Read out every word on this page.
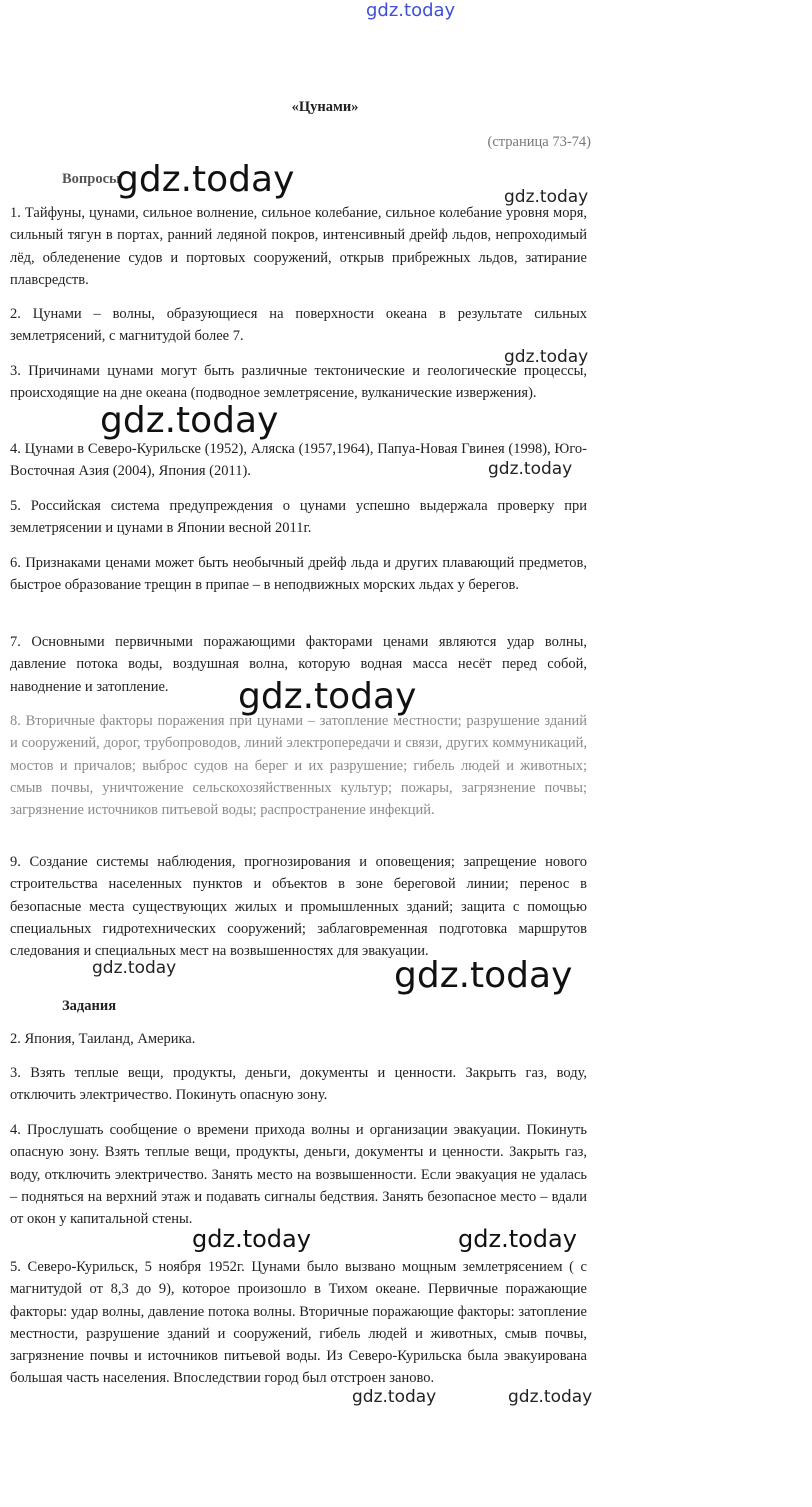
gdz.today
«Цунами»
(страница 73-74)
Вопросы

1. Тайфуны, цунами, сильное волнение, сильное колебание, сильное колебание уровня моря, сильный тягун в портах, ранний ледяной покров, интенсивный дрейф льдов, непроходимый лёд, обледенение судов и портовых сооружений, открыв прибрежных льдов, затирание плавсредств.

2. Цунами – волны, образующиеся на поверхности океана в результате сильных землетрясений, с магнитудой более 7.

3. Причинами цунами могут быть различные тектонические и геологические процессы, происходящие на дне океана (подводное землетрясение, вулканические извержения).

4. Цунами в Северо-Курильске (1952), Аляска (1957,1964), Папуа-Новая Гвинея (1998), Юго-Восточная Азия (2004), Япония (2011).

5. Российская система предупреждения о цунами успешно выдержала проверку при землетрясении и цунами в Японии весной 2011г.

6. Признаками ценами может быть необычный дрейф льда и других плавающий предметов, быстрое образование трещин в припае – в неподвижных морских льдах у берегов.

7. Основными первичными поражающими факторами ценами являются удар волны, давление потока воды, воздушная волна, которую водная масса несёт перед собой, наводнение и затопление.

8. Вторичные факторы поражения при цунами – затопление местности; разрушение зданий и сооружений, дорог, трубопроводов, линий электропередачи и связи, других коммуникаций, мостов и причалов; выброс судов на берег и их разрушение; гибель людей и животных; смыв почвы, уничтожение сельскохозяйственных культур; пожары, загрязнение почвы; загрязнение источников питьевой воды; распространение инфекций.

9. Создание системы наблюдения, прогнозирования и оповещения; запрещение нового строительства населенных пунктов и объектов в зоне береговой линии; перенос в безопасные места существующих жилых и промышленных зданий; защита с помощью специальных гидротехнических сооружений; заблаговременная подготовка маршрутов следования и специальных мест на возвышенностях для эвакуации.

Задания

2. Япония, Таиланд, Америка.

3. Взять теплые вещи, продукты, деньги, документы и ценности. Закрыть газ, воду, отключить электричество. Покинуть опасную зону.

4. Прослушать сообщение о времени прихода волны и организации эвакуации. Покинуть опасную зону. Взять теплые вещи, продукты, деньги, документы и ценности. Закрыть газ, воду, отключить электричество. Занять место на возвышенности. Если эвакуация не удалась – подняться на верхний этаж и подавать сигналы бедствия. Занять безопасное место – вдали от окон у капитальной стены.

5. Северо-Курильск, 5 ноября 1952г. Цунами было вызвано мощным землетрясением ( с магнитудой от 8,3 до 9), которое произошло в Тихом океане. Первичные поражающие факторы: удар волны, давление потока волны. Вторичные поражающие факторы: затопление местности, разрушение зданий и сооружений, гибель людей и животных, смыв почвы, загрязнение почвы и источников питьевой воды. Из Северо-Курильска была эвакуирована большая часть населения. Впоследствии город был отстроен заново.

gdz.today	gdz.today
gdz.today
gdz.today
gdz.today
gdz.today
gdz.today	gdz.today
gdz.today	gdz.today
gdz.today	gdz.today
